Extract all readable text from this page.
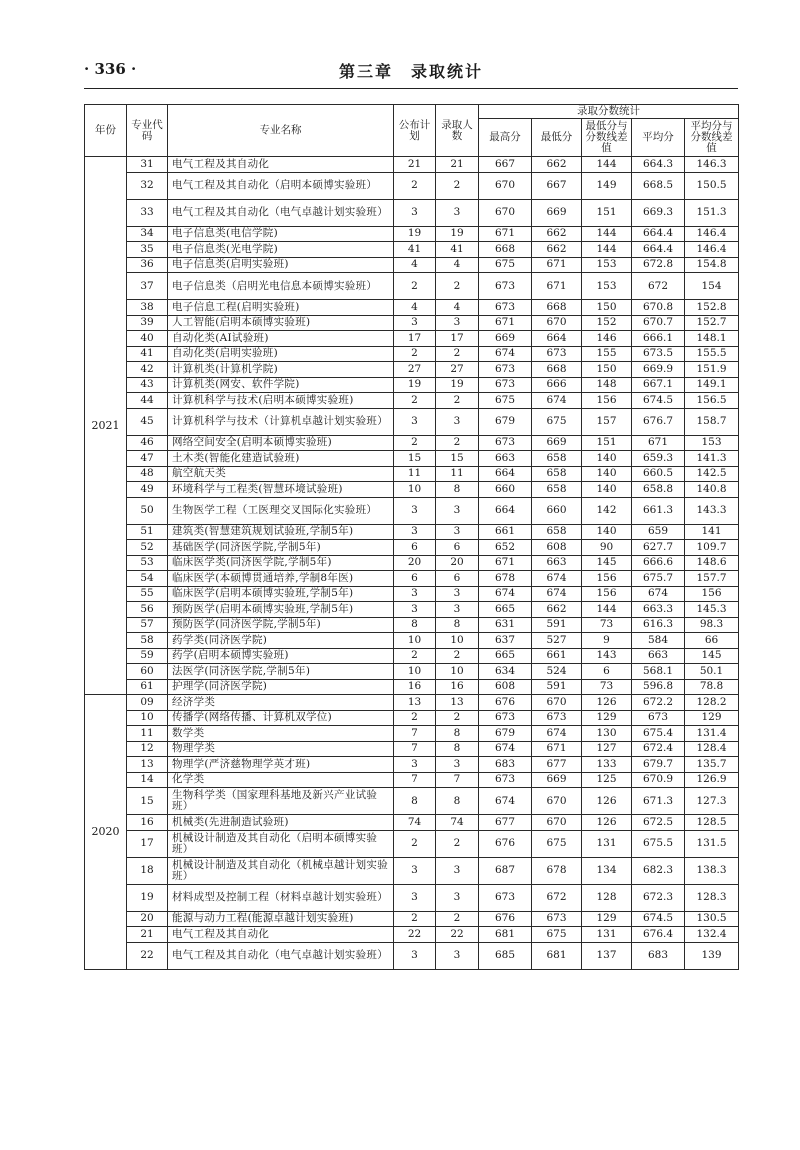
· 336 ·	第三章　录取统计
年份	专业代码	专业名称	公布计划	录取人数	录取分数统计				
					最高分	最低分	最低分与分数线差值	平均分	平均分与分数线差值
2021	31	电气工程及其自动化	21	21	667	662	144	664.3	146.3
	32	电气工程及其自动化（启明本硕博实验班）	2	2	670	667	149	668.5	150.5
	33	电气工程及其自动化（电气卓越计划实验班）	3	3	670	669	151	669.3	151.3
	34	电子信息类(电信学院)	19	19	671	662	144	664.4	146.4
	35	电子信息类(光电学院)	41	41	668	662	144	664.4	146.4
	36	电子信息类(启明实验班)	4	4	675	671	153	672.8	154.8
	37	电子信息类（启明光电信息本硕博实验班）	2	2	673	671	153	672	154
	38	电子信息工程(启明实验班)	4	4	673	668	150	670.8	152.8
	39	人工智能(启明本硕博实验班)	3	3	671	670	152	670.7	152.7
	40	自动化类(AI试验班)	17	17	669	664	146	666.1	148.1
	41	自动化类(启明实验班)	2	2	674	673	155	673.5	155.5
	42	计算机类(计算机学院)	27	27	673	668	150	669.9	151.9
	43	计算机类(网安、软件学院)	19	19	673	666	148	667.1	149.1
	44	计算机科学与技术(启明本硕博实验班)	2	2	675	674	156	674.5	156.5
	45	计算机科学与技术（计算机卓越计划实验班）	3	3	679	675	157	676.7	158.7
	46	网络空间安全(启明本硕博实验班)	2	2	673	669	151	671	153
	47	土木类(智能化建造试验班)	15	15	663	658	140	659.3	141.3
	48	航空航天类	11	11	664	658	140	660.5	142.5
	49	环境科学与工程类(智慧环境试验班)	10	8	660	658	140	658.8	140.8
	50	生物医学工程（工医理交叉国际化实验班）	3	3	664	660	142	661.3	143.3
	51	建筑类(智慧建筑规划试验班,学制5年)	3	3	661	658	140	659	141
	52	基础医学(同济医学院,学制5年)	6	6	652	608	90	627.7	109.7
	53	临床医学类(同济医学院,学制5年)	20	20	671	663	145	666.6	148.6
	54	临床医学(本硕博贯通培养,学制8年医)	6	6	678	674	156	675.7	157.7
	55	临床医学(启明本硕博实验班,学制5年)	3	3	674	674	156	674	156
	56	预防医学(启明本硕博实验班,学制5年)	3	3	665	662	144	663.3	145.3
	57	预防医学(同济医学院,学制5年)	8	8	631	591	73	616.3	98.3
	58	药学类(同济医学院)	10	10	637	527	9	584	66
	59	药学(启明本硕博实验班)	2	2	665	661	143	663	145
	60	法医学(同济医学院,学制5年)	10	10	634	524	6	568.1	50.1
	61	护理学(同济医学院)	16	16	608	591	73	596.8	78.8
2020	09	经济学类	13	13	676	670	126	672.2	128.2
	10	传播学(网络传播、计算机双学位)	2	2	673	673	129	673	129
	11	数学类	7	8	679	674	130	675.4	131.4
	12	物理学类	7	8	674	671	127	672.4	128.4
	13	物理学(严济慈物理学英才班)	3	3	683	677	133	679.7	135.7
	14	化学类	7	7	673	669	125	670.9	126.9
	15	生物科学类（国家理科基地及新兴产业试验班）	8	8	674	670	126	671.3	127.3
	16	机械类(先进制造试验班)	74	74	677	670	126	672.5	128.5
	17	机械设计制造及其自动化（启明本硕博实验班）	2	2	676	675	131	675.5	131.5
	18	机械设计制造及其自动化（机械卓越计划实验班）	3	3	687	678	134	682.3	138.3
	19	材料成型及控制工程（材料卓越计划实验班）	3	3	673	672	128	672.3	128.3
	20	能源与动力工程(能源卓越计划实验班)	2	2	676	673	129	674.5	130.5
	21	电气工程及其自动化	22	22	681	675	131	676.4	132.4
	22	电气工程及其自动化（电气卓越计划实验班）	3	3	685	681	137	683	139
